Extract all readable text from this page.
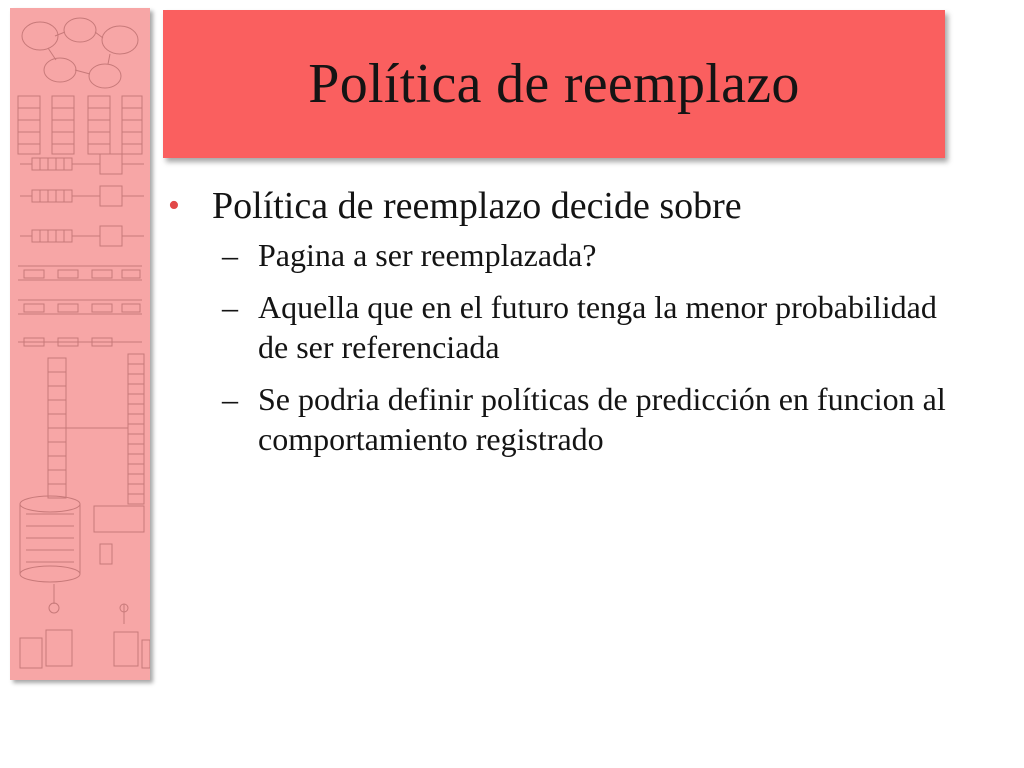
Política de reemplazo
• Política de reemplazo decide sobre
– Pagina a ser reemplazada?
– Aquella que en el futuro tenga la menor probabilidad de ser referenciada
– Se podria definir políticas de predicción en funcion al comportamiento registrado
